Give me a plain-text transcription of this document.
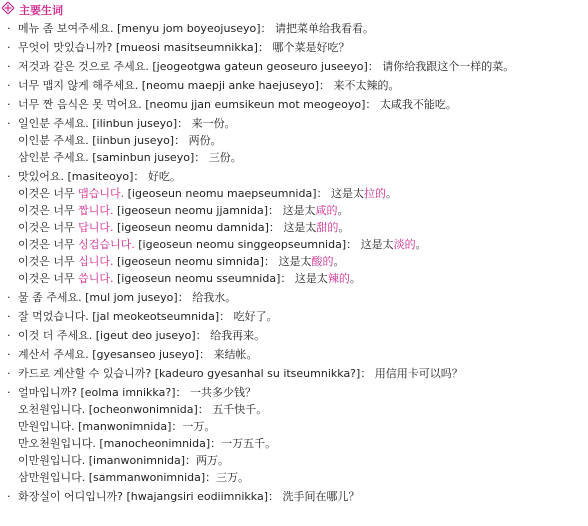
主要生词
· 메뉴 좀 보여주세요. [menyu jom boyeojuseyo]： 请把菜单给我看看。
· 무엇이 맛있습니까? [mueosi masitseumnikka]： 哪个菜是好吃？
· 저것과 같은 것으로 주세요. [jeogeotgwa gateun geoseuro juseeyo]： 请你给我跟这个一样的菜。
· 너무 맵지 않게 해주세요. [neomu maepji anke haejuseyo]： 来不太辣的。
· 너무 짠 음식은 못 먹어요. [neomu jjan eumsikeun mot meogeoyo]： 太咸我不能吃。
· 일인분 주세요. [ilinbun juseyo]： 来一份。
이인분 주세요. [iinbun juseyo]： 两份。
삼인분 주세요. [saminbun juseyo]： 三份。
· 맛있어요. [masiteoyo]： 好吃。
이것은 너무 맵습니다. [igeoseun neomu maepseumnida]： 这是太拉的。
이것은 너무 짭니다. [igeoseun neomu jjamnida]： 这是太咸的。
이것은 너무 답니다. [igeoseun neomu damnida]： 这是太甜的。
이것은 너무 싱겁습니다. [igeoseun neomu singgeopseumnida]： 这是太淡的。
이것은 너무 십니다. [igeoseun neomu simnida]： 这是太酸的。
이것은 너무 씁니다. [igeoseun neomu sseumnida]： 这是太辣的。
· 물 좀 주세요. [mul jom juseyo]： 给我水。
· 잘 먹었습니다. [jal meokeotseumnida]： 吃好了。
· 이것 더 주세요. [igeut deo juseyo]： 给我再来。
· 계산서 주세요. [gyesanseo juseyo]： 来结帐。
· 카드로 계산할 수 있습니까? [kadeuro gyesanhal su itseumnikka?]： 用信用卡可以吗？
· 얼마입니까? [eolma imnikka?]： 一共多少钱？
오천원입니다. [ocheonwonimnida]： 五千快千。
만원입니다. [manwonimnida]：一万。
만오천원입니다. [manocheonimnida]：一万五千。
이만원입니다. [imanwonimnida]：两万。
삼만원입니다. [sammanwonimnida]：三万。
· 화장실이 어디입니까? [hwajangsiri eodiimnikka]： 洗手间在哪儿？
